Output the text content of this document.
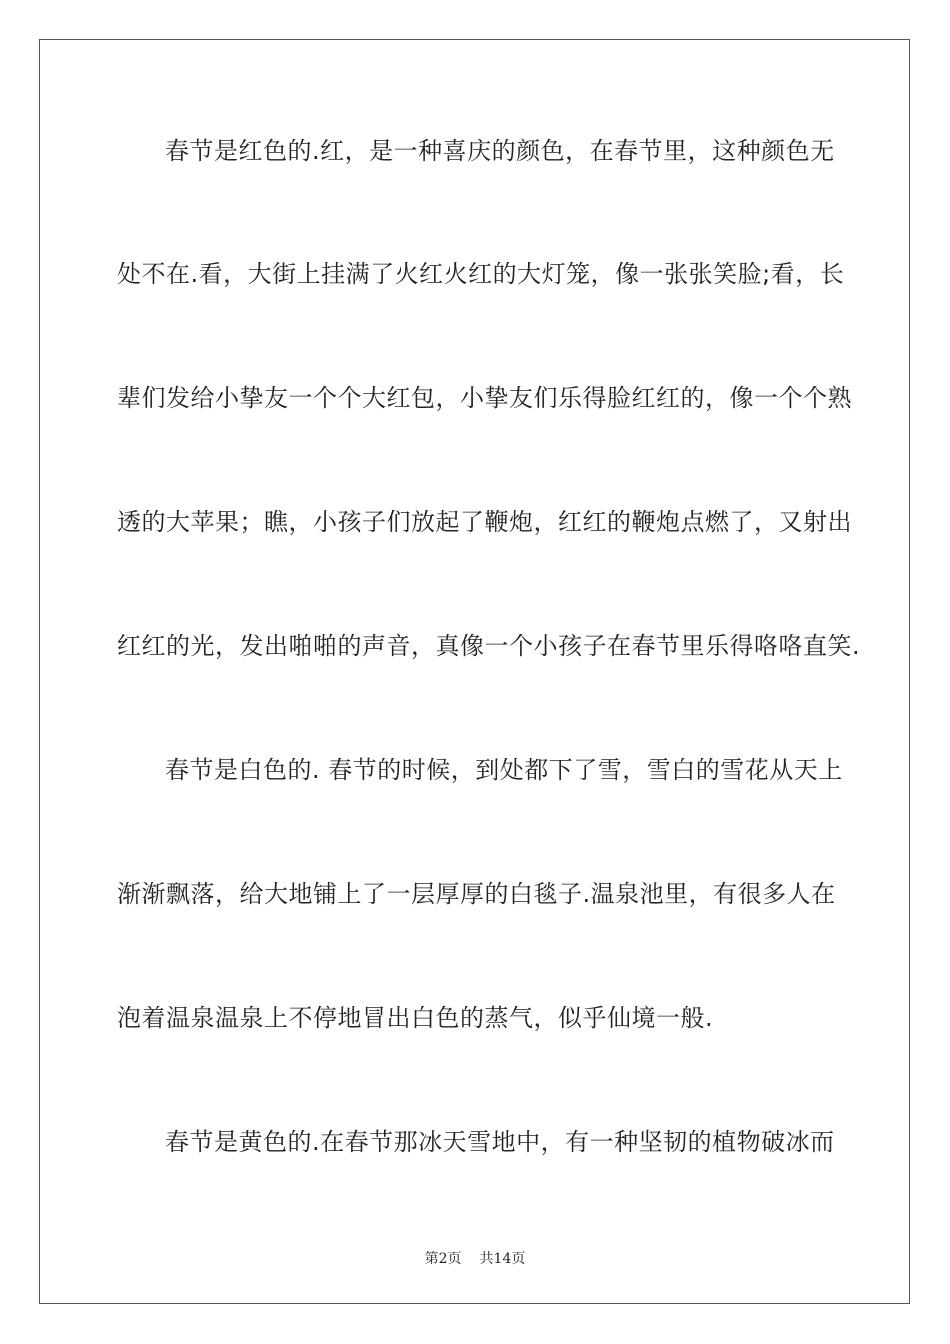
春节是红色的.红，是一种喜庆的颜色，在春节里，这种颜色无
处不在.看，大街上挂满了火红火红的大灯笼，像一张张笑脸;看，长
辈们发给小挚友一个个大红包，小挚友们乐得脸红红的，像一个个熟
透的大苹果；瞧，小孩子们放起了鞭炮，红红的鞭炮点燃了，又射出
红红的光，发出啪啪的声音，真像一个小孩子在春节里乐得咯咯直笑.
春节是白色的. 春节的时候，到处都下了雪，雪白的雪花从天上
渐渐飘落，给大地铺上了一层厚厚的白毯子.温泉池里，有很多人在
泡着温泉温泉上不停地冒出白色的蒸气，似乎仙境一般.
春节是黄色的.在春节那冰天雪地中，有一种坚韧的植物破冰而
第2页 共14页
